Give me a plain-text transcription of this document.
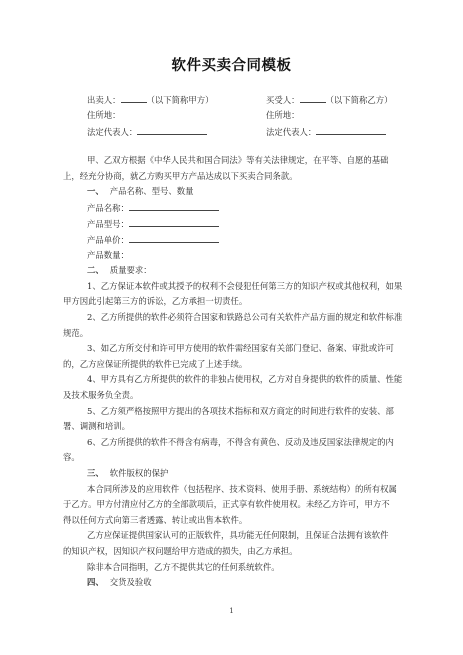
软件买卖合同模板
出卖人：	（以下简称甲方）	买受人：	（以下简称乙方）
住所地：	住所地：
法定代表人：	法定代表人：
甲、乙双方根据《中华人民共和国合同法》等有关法律规定，在平等、自愿的基础
上，经充分协商，就乙方购买甲方产品达成以下买卖合同条款。
一、 产品名称、型号、数量
产品名称：
产品型号：
产品单价：
产品数量：
二、 质量要求：
1、乙方保证本软件或其授予的权利不会侵犯任何第三方的知识产权或其他权利，如果
甲方因此引起第三方的诉讼，乙方承担一切责任。
2、乙方所提供的软件必须符合国家和铁路总公司有关软件产品方面的规定和软件标准
规范。
3、如乙方所交付和许可甲方使用的软件需经国家有关部门登记、备案、审批或许可
的，乙方应保证所提供的软件已完成了上述手续。
4、甲方具有乙方所提供的软件的非独占使用权，乙方对自身提供的软件的质量、性能
及技术服务负全责。
5、乙方须严格按照甲方提出的各项技术指标和双方商定的时间进行软件的安装、部
署、调测和培训。
6、乙方所提供的软件不得含有病毒，不得含有黄色、反动及违反国家法律规定的内
容。
三、 软件版权的保护
本合同所涉及的应用软件（包括程序、技术资料、使用手册、系统结构）的所有权属
于乙方。甲方付清应付乙方的全部款项后，正式享有软件使用权。未经乙方许可，甲方不
得以任何方式向第三者透露、转让或出售本软件。
乙方应保证提供国家认可的正版软件，具功能无任何限制，且保证合法拥有该软件
的知识产权，因知识产权问题给甲方造成的损失，由乙方承担。
除非本合同指明，乙方不提供其它的任何系统软件。
四、 交货及验收
1
